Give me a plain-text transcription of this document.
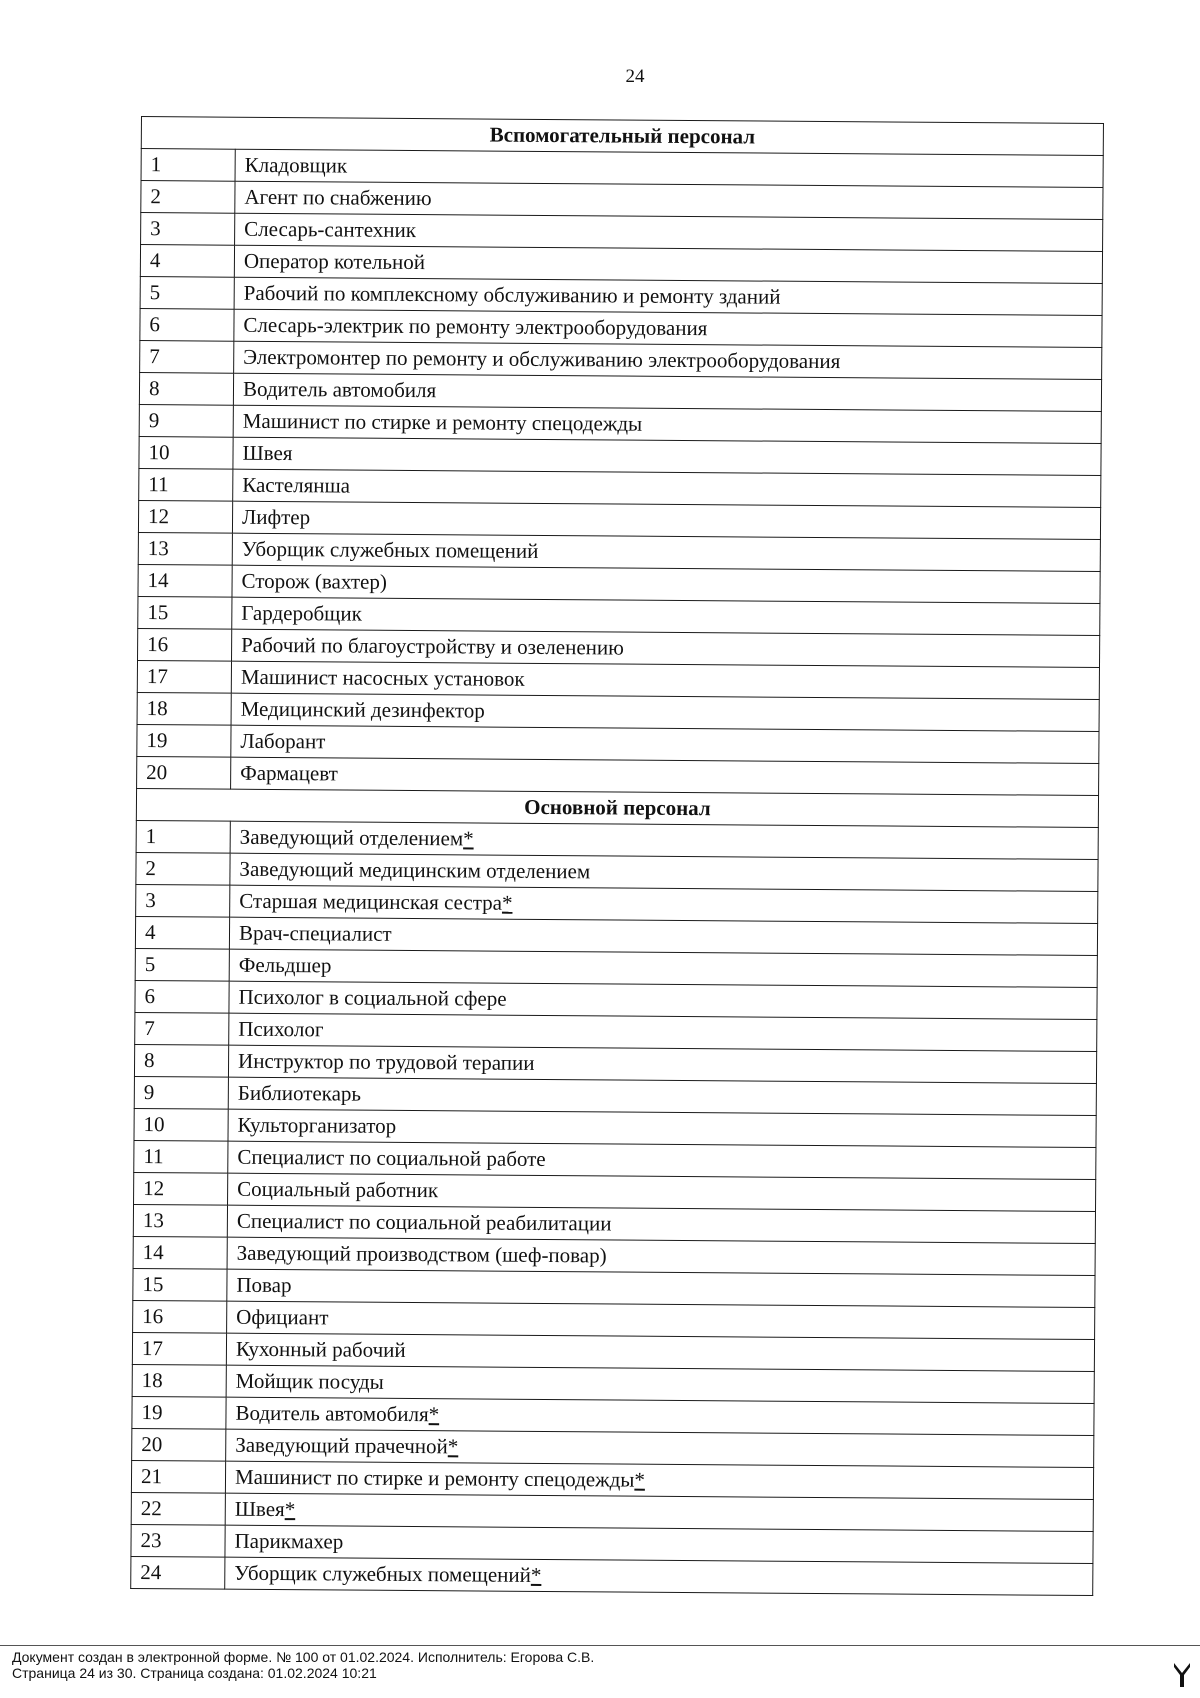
24
Вспомогательный персонал	
1	Кладовщик
2	Агент по снабжению
3	Слесарь-сантехник
4	Оператор котельной
5	Рабочий по комплексному обслуживанию и ремонту зданий
6	Слесарь-электрик по ремонту электрооборудования
7	Электромонтер по ремонту и обслуживанию электрооборудования
8	Водитель автомобиля
9	Машинист по стирке и ремонту спецодежды
10	Швея
11	Кастелянша
12	Лифтер
13	Уборщик служебных помещений
14	Сторож (вахтер)
15	Гардеробщик
16	Рабочий по благоустройству и озеленению
17	Машинист насосных установок
18	Медицинский дезинфектор
19	Лаборант
20	Фармацевт
Основной персонал	
1	Заведующий отделением*
2	Заведующий медицинским отделением
3	Старшая медицинская сестра*
4	Врач-специалист
5	Фельдшер
6	Психолог в социальной сфере
7	Психолог
8	Инструктор по трудовой терапии
9	Библиотекарь
10	Культорганизатор
11	Специалист по социальной работе
12	Социальный работник
13	Специалист по социальной реабилитации
14	Заведующий производством (шеф-повар)
15	Повар
16	Официант
17	Кухонный рабочий
18	Мойщик посуды
19	Водитель автомобиля*
20	Заведующий прачечной*
21	Машинист по стирке и ремонту спецодежды*
22	Швея*
23	Парикмахер
24	Уборщик служебных помещений*
Документ создан в электронной форме. № 100 от 01.02.2024. Исполнитель: Егорова С.В.
Страница 24 из 30. Страница создана: 01.02.2024 10:21
